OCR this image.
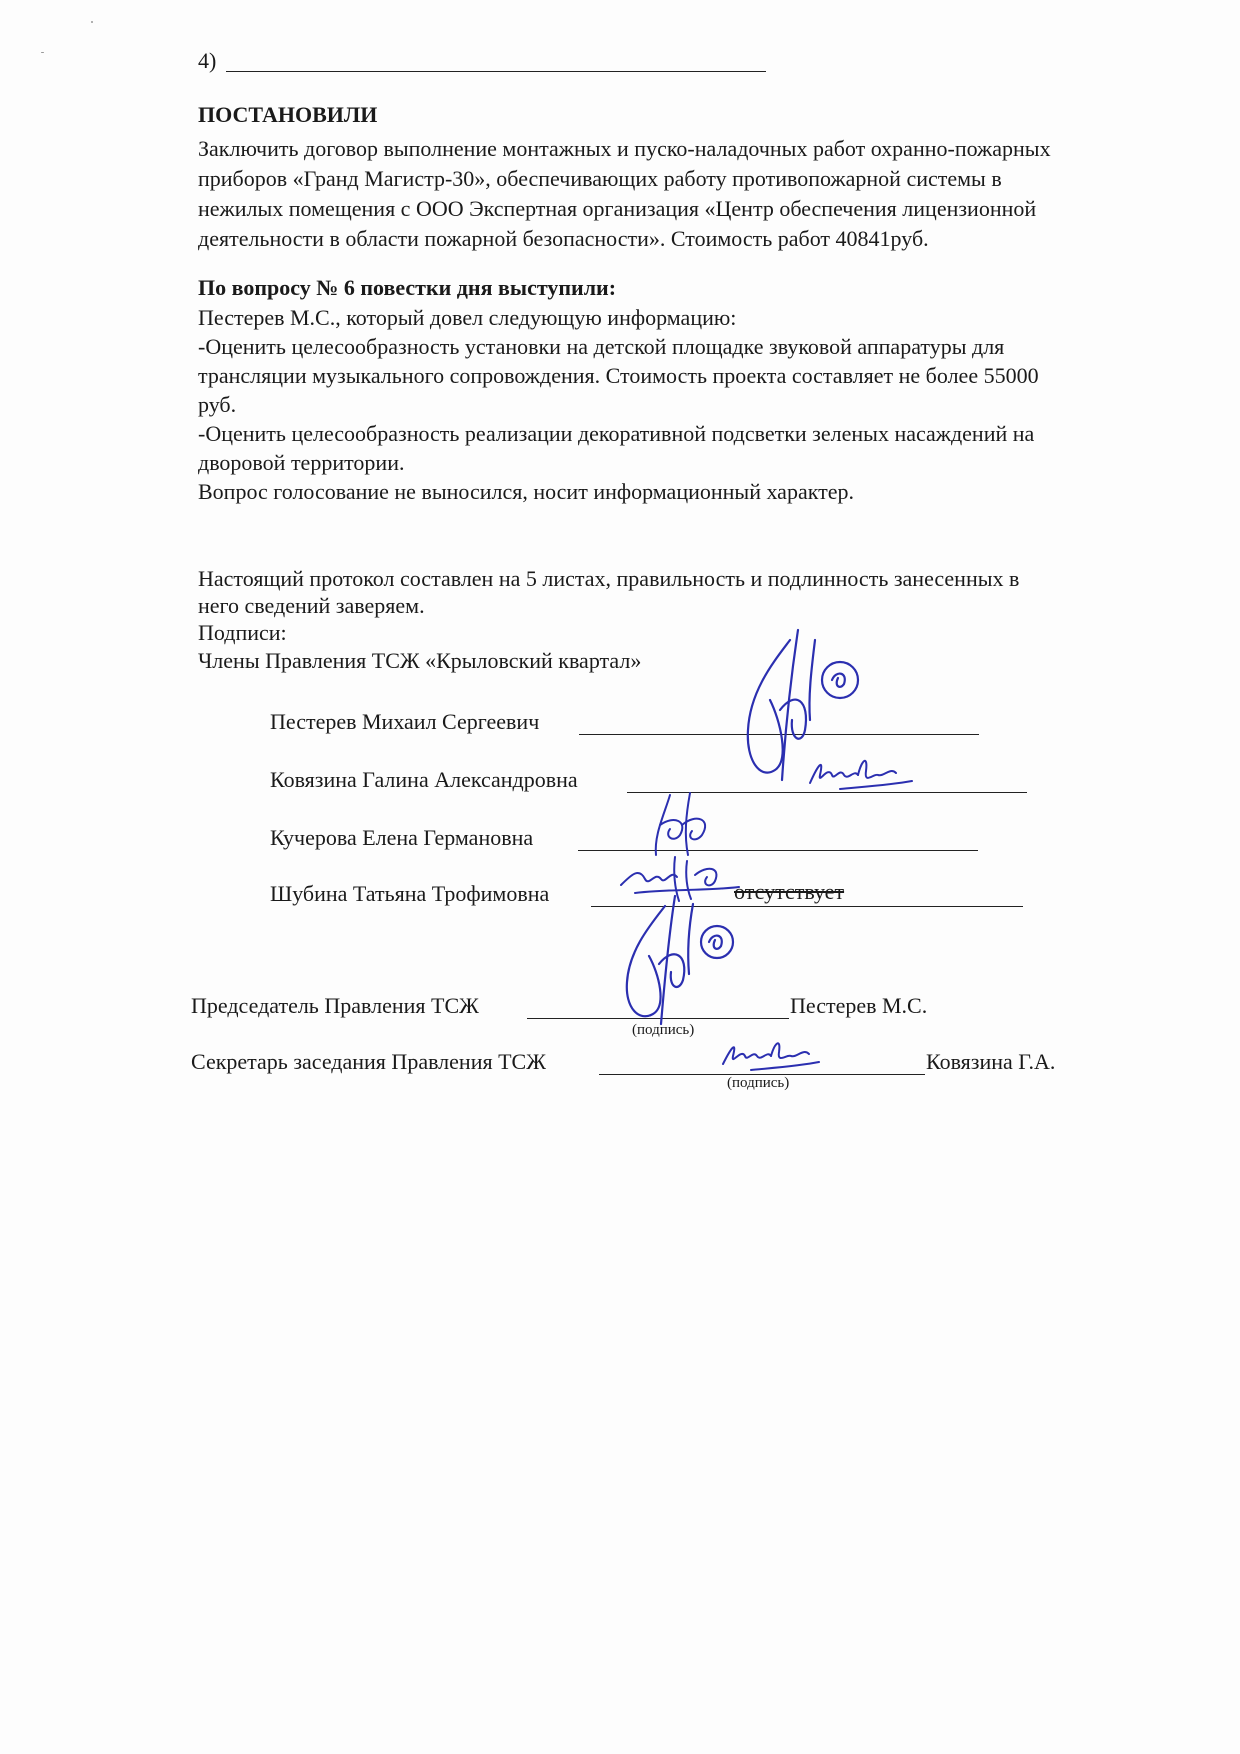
4)
ПОСТАНОВИЛИ
Заключить договор выполнение монтажных и пуско-наладочных работ охранно-пожарных
приборов «Гранд Магистр-30», обеспечивающих работу противопожарной системы в
нежилых помещения с ООО Экспертная организация «Центр обеспечения лицензионной
деятельности в области пожарной безопасности». Стоимость работ 40841руб.
По вопросу № 6 повестки дня выступили:
Пестерев М.С., который довел следующую информацию:
-Оценить целесообразность установки на детской площадке звуковой аппаратуры для
трансляции музыкального сопровождения. Стоимость проекта составляет не более 55000
руб.
-Оценить целесообразность реализации декоративной подсветки зеленых насаждений на
дворовой территории.
Вопрос голосование не выносился, носит информационный характер.
Настоящий протокол составлен на 5 листах, правильность и подлинность занесенных в
него сведений заверяем.
Подписи:
Члены Правления ТСЖ «Крыловский квартал»
Пестерев Михаил Сергеевич
Ковязина Галина Александровна
Кучерова Елена Германовна
Шубина Татьяна Трофимовна	отсутствует
Председатель Правления ТСЖ	Пестерев М.С.
(подпись)
Секретарь заседания Правления ТСЖ	Ковязина Г.А.
(подпись)
